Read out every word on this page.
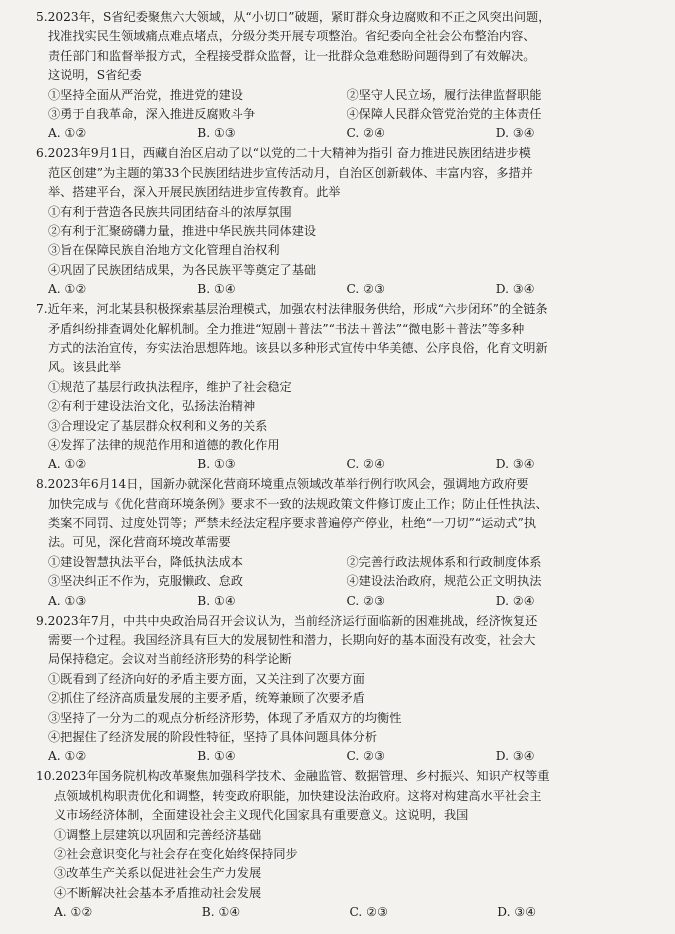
5.2023年，S省纪委聚焦六大领域，从“小切口”破题，紧盯群众身边腐败和不正之风突出问题，
找准找实民生领域痛点难点堵点，分级分类开展专项整治。省纪委向全社会公布整治内容、
责任部门和监督举报方式，全程接受群众监督，让一批群众急难愁盼问题得到了有效解决。
这说明，S省纪委
①坚持全面从严治党，推进党的建设	②坚守人民立场，履行法律监督职能
③勇于自我革命，深入推进反腐败斗争	④保障人民群众管党治党的主体责任
A. ①②	B. ①③	C. ②④	D. ③④
6.2023年9月1日，西藏自治区启动了以“以党的二十大精神为指引 奋力推进民族团结进步模
范区创建”为主题的第33个民族团结进步宣传活动月，自治区创新载体、丰富内容，多措并
举、搭建平台，深入开展民族团结进步宣传教育。此举
①有利于营造各民族共同团结奋斗的浓厚氛围
②有利于汇聚磅礴力量，推进中华民族共同体建设
③旨在保障民族自治地方文化管理自治权利
④巩固了民族团结成果，为各民族平等奠定了基础
A. ①②	B. ①④	C. ②③	D. ③④
7.近年来，河北某县积极探索基层治理模式，加强农村法律服务供给，形成“六步闭环”的全链条
矛盾纠纷排查调处化解机制。全力推进“短剧＋普法”“书法＋普法”“微电影＋普法”等多种
方式的法治宣传，夯实法治思想阵地。该县以多种形式宣传中华美德、公序良俗，化育文明新
风。该县此举
①规范了基层行政执法程序，维护了社会稳定
②有利于建设法治文化，弘扬法治精神
③合理设定了基层群众权利和义务的关系
④发挥了法律的规范作用和道德的教化作用
A. ①②	B. ①③	C. ②④	D. ③④
8.2023年6月14日，国新办就深化营商环境重点领域改革举行例行吹风会，强调地方政府要
加快完成与《优化营商环境条例》要求不一致的法规政策文件修订废止工作；防止任性执法、
类案不同罚、过度处罚等；严禁未经法定程序要求普遍停产停业，杜绝“一刀切”“运动式”执
法。可见，深化营商环境改革需要
①建设智慧执法平台，降低执法成本	②完善行政法规体系和行政制度体系
③坚决纠正不作为，克服懒政、怠政	④建设法治政府，规范公正文明执法
A. ①③	B. ①④	C. ②③	D. ②④
9.2023年7月，中共中央政治局召开会议认为，当前经济运行面临新的困难挑战，经济恢复还
需要一个过程。我国经济具有巨大的发展韧性和潜力，长期向好的基本面没有改变，社会大
局保持稳定。会议对当前经济形势的科学论断
①既看到了经济向好的矛盾主要方面，又关注到了次要方面
②抓住了经济高质量发展的主要矛盾，统筹兼顾了次要矛盾
③坚持了一分为二的观点分析经济形势，体现了矛盾双方的均衡性
④把握住了经济发展的阶段性特征，坚持了具体问题具体分析
A. ①②	B. ①④	C. ②③	D. ③④
10.2023年国务院机构改革聚焦加强科学技术、金融监管、数据管理、乡村振兴、知识产权等重
点领域机构职责优化和调整，转变政府职能，加快建设法治政府。这将对构建高水平社会主
义市场经济体制，全面建设社会主义现代化国家具有重要意义。这说明，我国
①调整上层建筑以巩固和完善经济基础
②社会意识变化与社会存在变化始终保持同步
③改革生产关系以促进社会生产力发展
④不断解决社会基本矛盾推动社会发展
A. ①②	B. ①④	C. ②③	D. ③④
